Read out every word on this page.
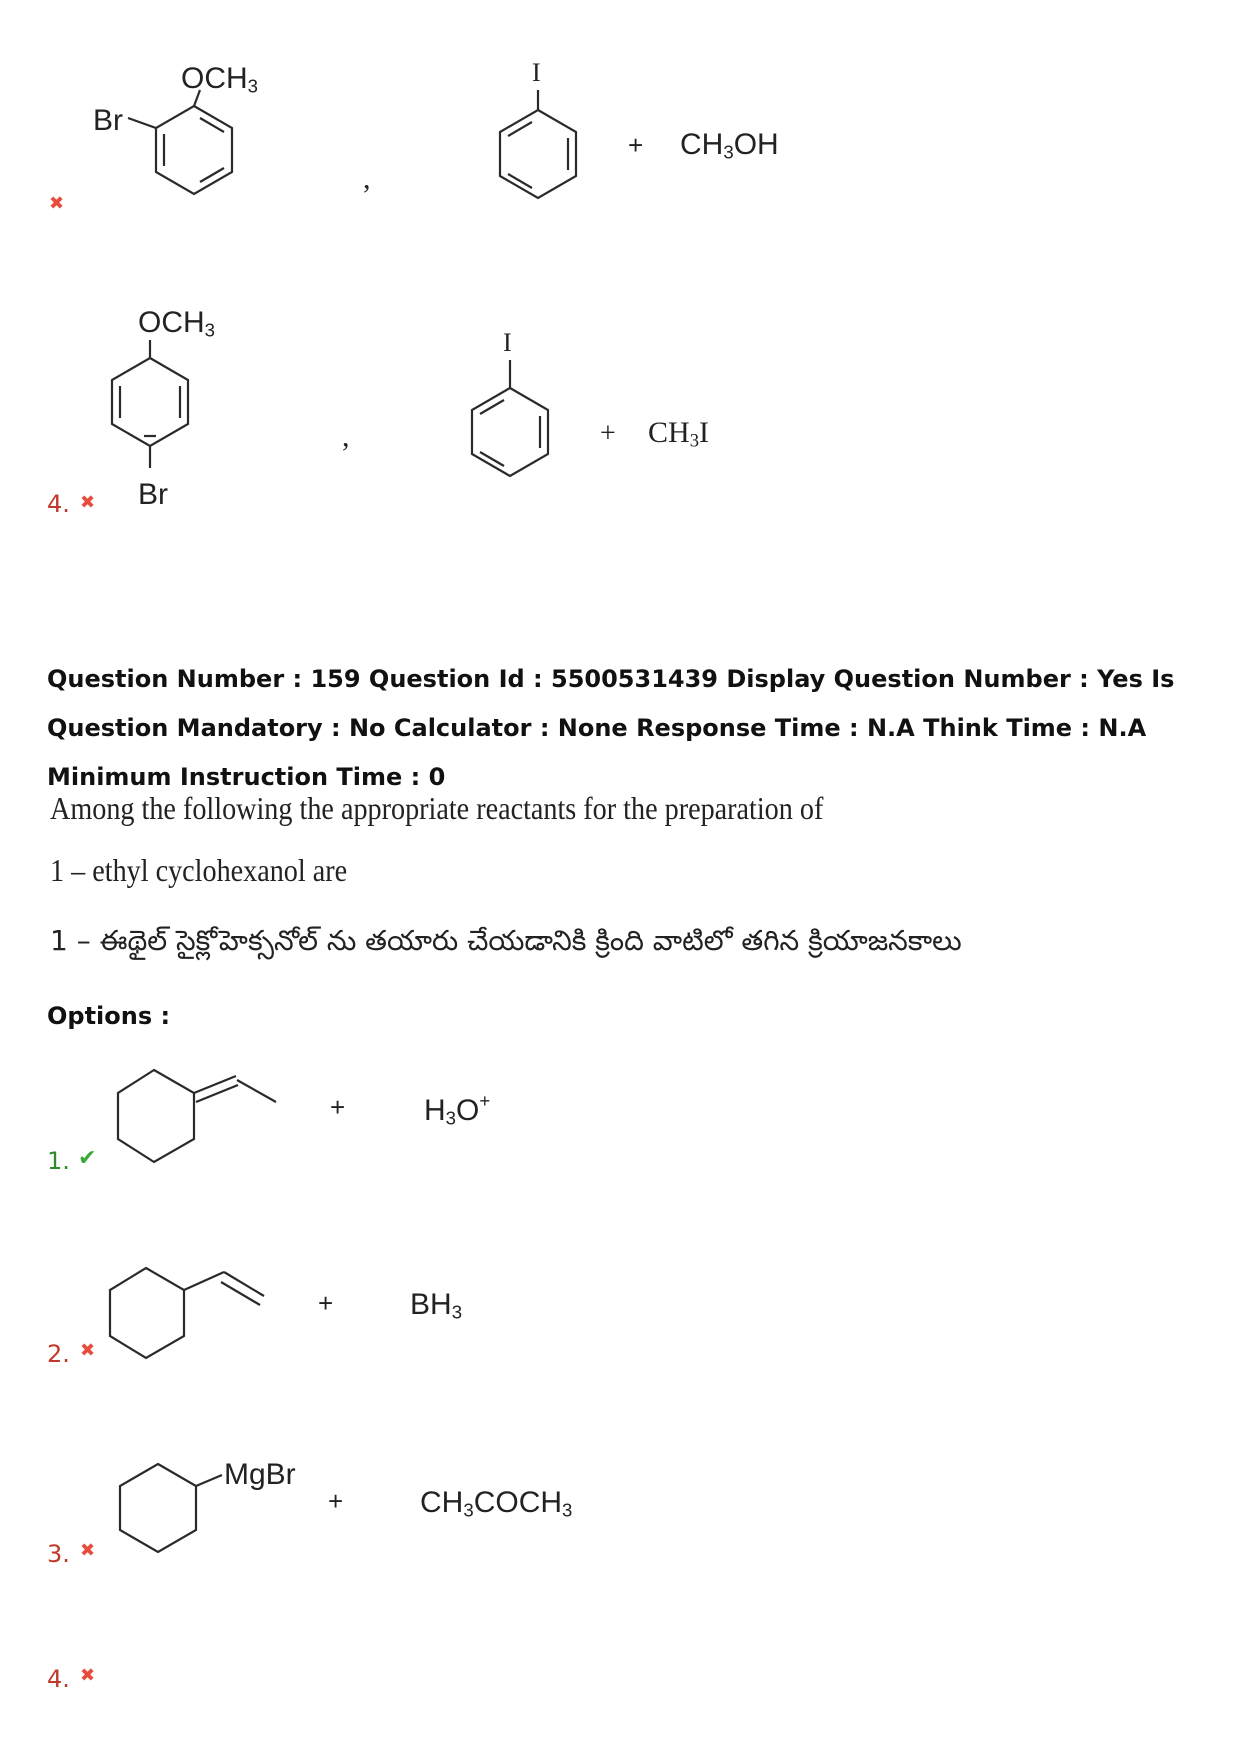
✖
$OCH_3$
Br
,
I
+ $CH_3OH$
4. ✖
$OCH_3$
Br
,
I
+ $CH_3I$
Question Number : 159 Question Id : 5500531439 Display Question Number : Yes Is Question Mandatory : No Calculator : None Response Time : N.A Think Time : N.A Minimum Instruction Time : 0
Among the following the appropriate reactants for the preparation of
1 – ethyl cyclohexanol are
1 – ఈథైల్ సైక్లోహెక్సనోల్ ను తయారు చేయడానికి క్రింది వాటిలో తగిన క్రియాజనకాలు
Options :
1. ✔
+	$H_3O^+$
2. ✖
+	$BH_3$
3. ✖
MgBr
+	$CH_3COCH_3$
4. ✖
